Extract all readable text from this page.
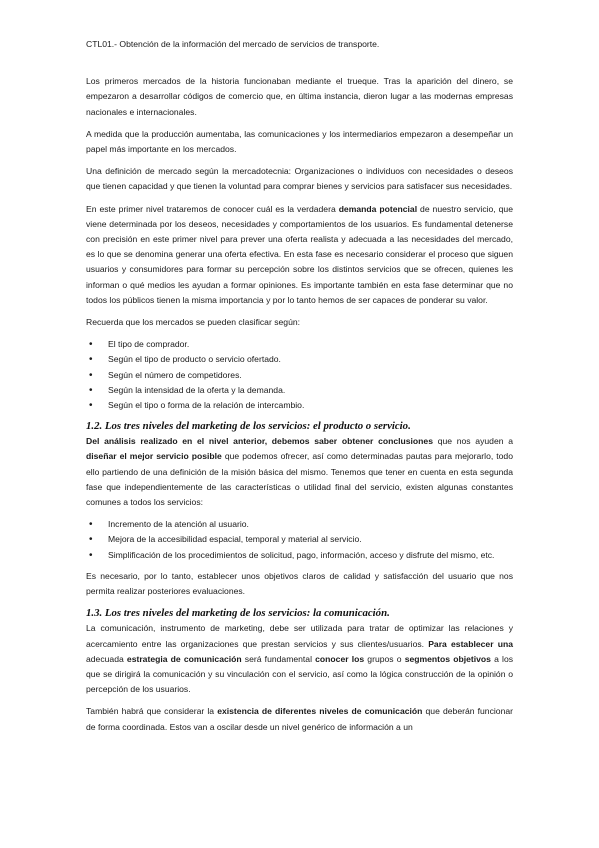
CTL01.- Obtención de la información del mercado de servicios de transporte.

Los primeros mercados de la historia funcionaban mediante el trueque. Tras la aparición del dinero, se empezaron a desarrollar códigos de comercio que, en última instancia, dieron lugar a las modernas empresas nacionales e internacionales.

A medida que la producción aumentaba, las comunicaciones y los intermediarios empezaron a desempeñar un papel más importante en los mercados.

Una definición de mercado según la mercadotecnia: Organizaciones o individuos con necesidades o deseos que tienen capacidad y que tienen la voluntad para comprar bienes y servicios para satisfacer sus necesidades.

En este primer nivel trataremos de conocer cuál es la verdadera demanda potencial de nuestro servicio, que viene determinada por los deseos, necesidades y comportamientos de los usuarios. Es fundamental detenerse con precisión en este primer nivel para prever una oferta realista y adecuada a las necesidades del mercado, es lo que se denomina generar una oferta efectiva. En esta fase es necesario considerar el proceso que siguen usuarios y consumidores para formar su percepción sobre los distintos servicios que se ofrecen, quienes les informan o qué medios les ayudan a formar opiniones. Es importante también en esta fase determinar que no todos los públicos tienen la misma importancia y por lo tanto hemos de ser capaces de ponderar su valor.

Recuerda que los mercados se pueden clasificar según:

• El tipo de comprador.
• Según el tipo de producto o servicio ofertado.
• Según el número de competidores.
• Según la intensidad de la oferta y la demanda.
• Según el tipo o forma de la relación de intercambio.
1.2. Los tres niveles del marketing de los servicios: el producto o servicio.

Del análisis realizado en el nivel anterior, debemos saber obtener conclusiones que nos ayuden a diseñar el mejor servicio posible que podemos ofrecer, así como determinadas pautas para mejorarlo, todo ello partiendo de una definición de la misión básica del mismo. Tenemos que tener en cuenta en esta segunda fase que independientemente de las características o utilidad final del servicio, existen algunas constantes comunes a todos los servicios:

• Incremento de la atención al usuario.
• Mejora de la accesibilidad espacial, temporal y material al servicio.
• Simplificación de los procedimientos de solicitud, pago, información, acceso y disfrute del mismo, etc.

Es necesario, por lo tanto, establecer unos objetivos claros de calidad y satisfacción del usuario que nos permita realizar posteriores evaluaciones.

1.3. Los tres niveles del marketing de los servicios: la comunicación.

La comunicación, instrumento de marketing, debe ser utilizada para tratar de optimizar las relaciones y acercamiento entre las organizaciones que prestan servicios y sus clientes/usuarios. Para establecer una adecuada estrategia de comunicación será fundamental conocer los grupos o segmentos objetivos a los que se dirigirá la comunicación y su vinculación con el servicio, así como la lógica construcción de la opinión o percepción de los usuarios.

También habrá que considerar la existencia de diferentes niveles de comunicación que deberán funcionar de forma coordinada. Estos van a oscilar desde un nivel genérico de información a un
